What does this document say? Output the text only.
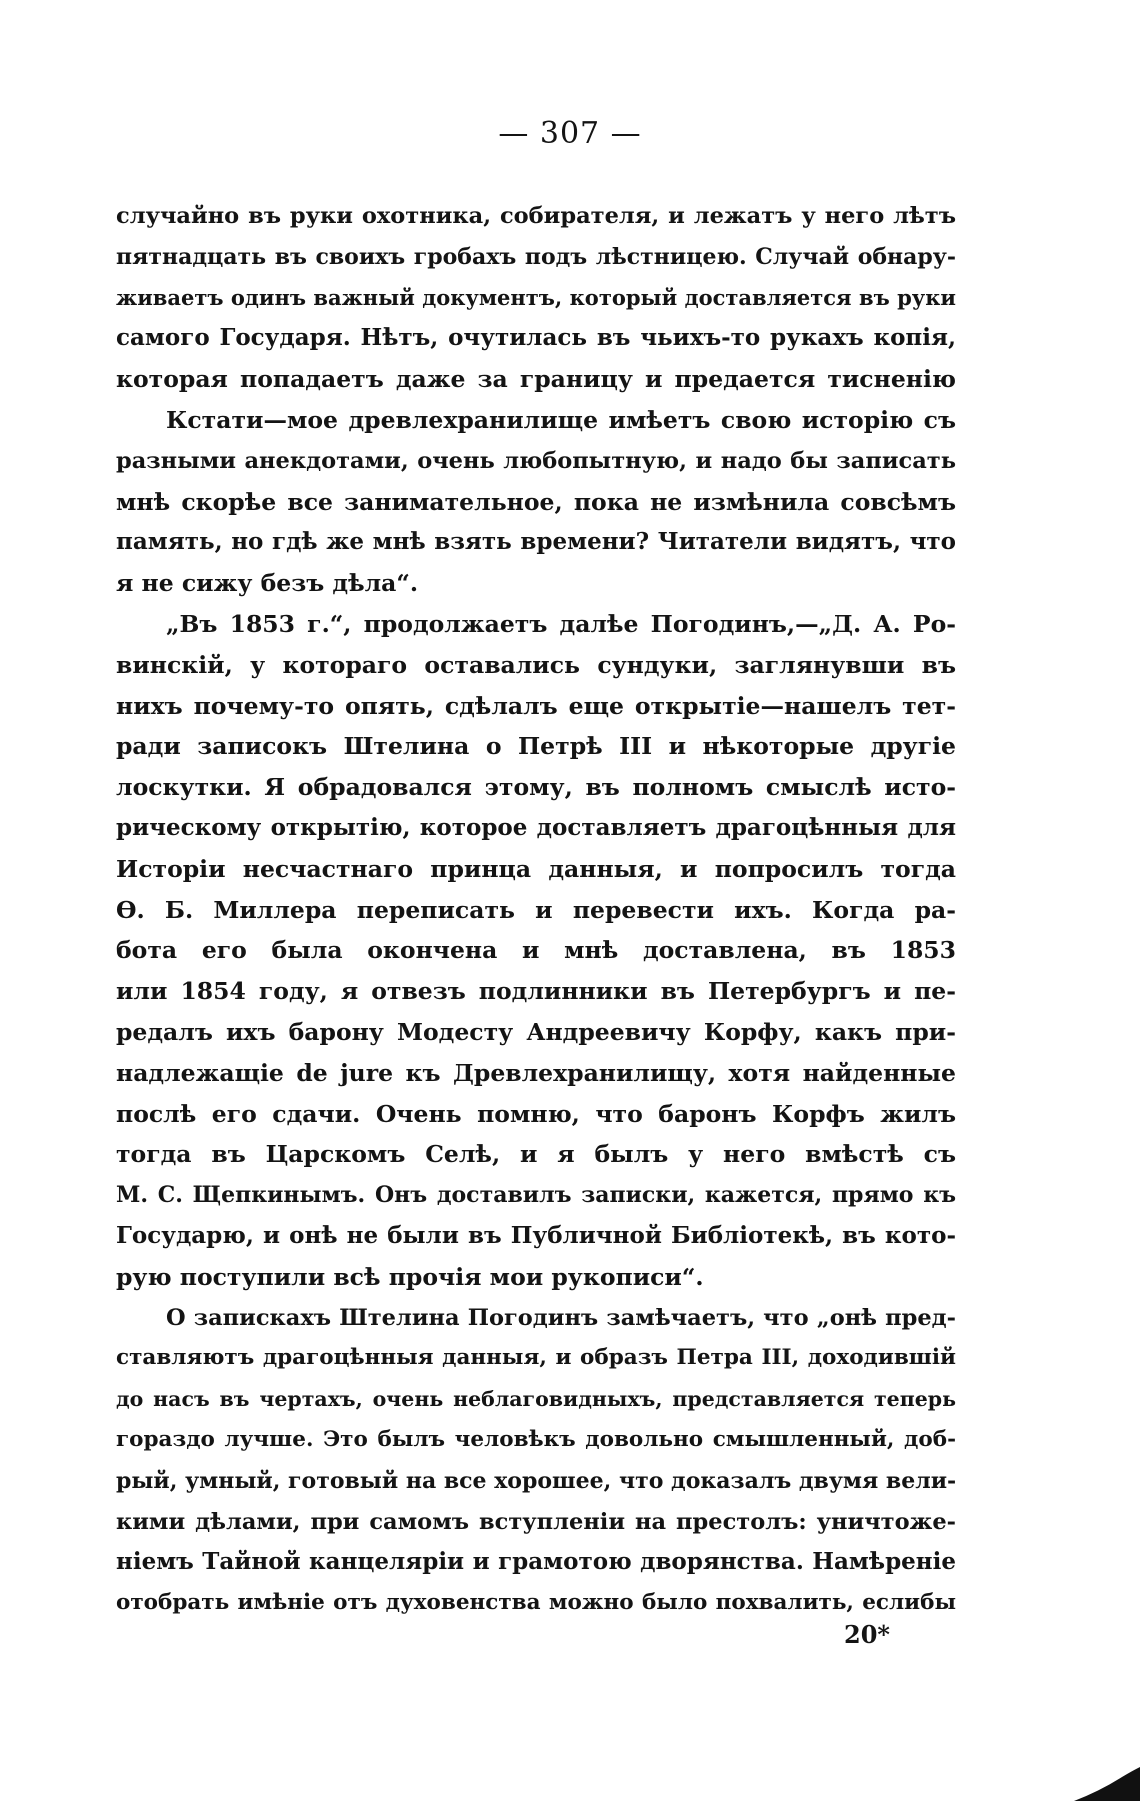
— 307 —
случайно въ руки охотника, собирателя, и лежатъ у него лѣтъ
пятнадцать въ своихъ гробахъ подъ лѣстницею. Случай обнару-
живаетъ одинъ важный документъ, который доставляется въ руки
самого Государя. Нѣтъ, очутилась въ чьихъ-то рукахъ копія,
которая попадаетъ даже за границу и предается тисненію
Кстати—мое древлехранилище имѣетъ свою исторію съ
разными анекдотами, очень любопытную, и надо бы записать
мнѣ скорѣе все занимательное, пока не измѣнила совсѣмъ
память, но гдѣ же мнѣ взять времени? Читатели видятъ, что
я не сижу безъ дѣла“.
„Въ 1853 г.“, продолжаетъ далѣе Погодинъ,—„Д. А. Ро-
винскій, у котораго оставались сундуки, заглянувши въ
нихъ почему-то опять, сдѣлалъ еще открытіе—нашелъ тет-
ради записокъ Штелина о Петрѣ III и нѣкоторые другіе
лоскутки. Я обрадовался этому, въ полномъ смыслѣ исто-
рическому открытію, которое доставляетъ драгоцѣнныя для
Исторіи несчастнаго принца данныя, и попросилъ тогда
Ѳ. Б. Миллера переписать и перевести ихъ. Когда ра-
бота его была окончена и мнѣ доставлена, въ 1853
или 1854 году, я отвезъ подлинники въ Петербургъ и пе-
редалъ ихъ барону Модесту Андреевичу Корфу, какъ при-
надлежащіе de jure къ Древлехранилищу, хотя найденные
послѣ его сдачи. Очень помню, что баронъ Корфъ жилъ
тогда въ Царскомъ Селѣ, и я былъ у него вмѣстѣ съ
М. С. Щепкинымъ. Онъ доставилъ записки, кажется, прямо къ
Государю, и онѣ не были въ Публичной Библіотекѣ, въ кото-
рую поступили всѣ прочія мои рукописи“.
О запискахъ Штелина Погодинъ замѣчаетъ, что „онѣ пред-
ставляютъ драгоцѣнныя данныя, и образъ Петра III, доходившій
до насъ въ чертахъ, очень неблаговидныхъ, представляется теперь
гораздо лучше. Это былъ человѣкъ довольно смышленный, доб-
рый, умный, готовый на все хорошее, что доказалъ двумя вели-
кими дѣлами, при самомъ вступленіи на престолъ: уничтоже-
ніемъ Тайной канцеляріи и грамотою дворянства. Намѣреніе
отобрать имѣніе отъ духовенства можно было похвалить, еслибы
20*
